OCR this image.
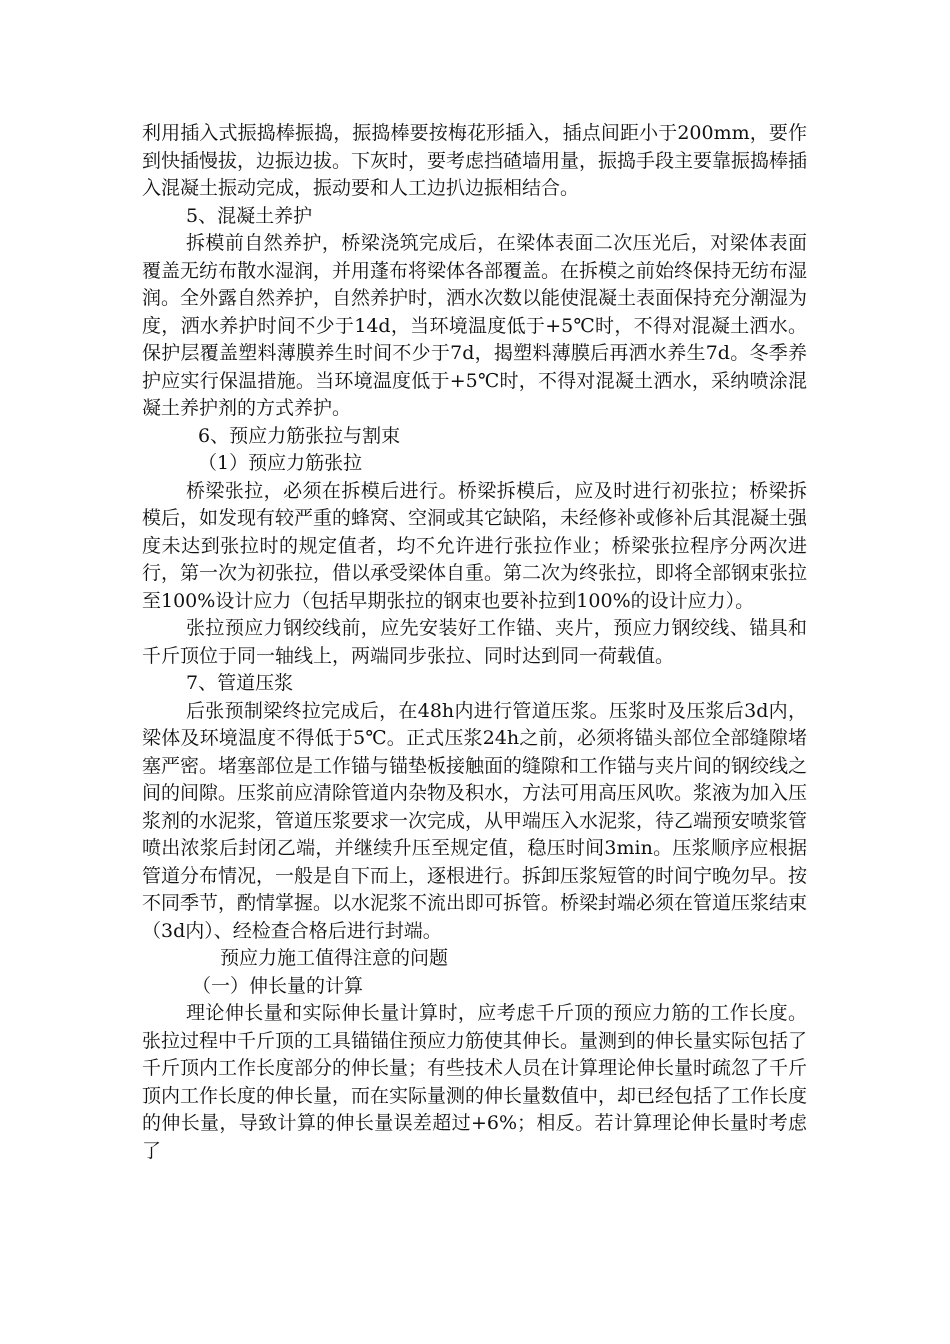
利用插入式振捣棒振捣，振捣棒要按梅花形插入，插点间距小于200mm，要作到快插慢拔，边振边拔。下灰时，要考虑挡碴墙用量，振捣手段主要靠振捣棒插入混凝土振动完成，振动要和人工边扒边振相结合。

5、混凝土养护

拆模前自然养护，桥梁浇筑完成后，在梁体表面二次压光后，对梁体表面覆盖无纺布散水湿润，并用蓬布将梁体各部覆盖。在拆模之前始终保持无纺布湿润。全外露自然养护，自然养护时，洒水次数以能使混凝土表面保持充分潮湿为度，洒水养护时间不少于14d，当环境温度低于+5℃时，不得对混凝土洒水。保护层覆盖塑料薄膜养生时间不少于7d，揭塑料薄膜后再洒水养生7d。冬季养护应实行保温措施。当环境温度低于+5℃时，不得对混凝土洒水，采纳喷涂混凝土养护剂的方式养护。

6、预应力筋张拉与割束

（1）预应力筋张拉

桥梁张拉，必须在拆模后进行。桥梁拆模后，应及时进行初张拉；桥梁拆模后，如发现有较严重的蜂窝、空洞或其它缺陷，未经修补或修补后其混凝土强度未达到张拉时的规定值者，均不允许进行张拉作业；桥梁张拉程序分两次进行，第一次为初张拉，借以承受梁体自重。第二次为终张拉，即将全部钢束张拉至100%设计应力（包括早期张拉的钢束也要补拉到100%的设计应力）。

张拉预应力钢绞线前，应先安装好工作锚、夹片，预应力钢绞线、锚具和千斤顶位于同一轴线上，两端同步张拉、同时达到同一荷载值。

7、管道压浆

后张预制梁终拉完成后，在48h内进行管道压浆。压浆时及压浆后3d内，梁体及环境温度不得低于5℃。正式压浆24h之前，必须将锚头部位全部缝隙堵塞严密。堵塞部位是工作锚与锚垫板接触面的缝隙和工作锚与夹片间的钢绞线之间的间隙。压浆前应清除管道内杂物及积水，方法可用高压风吹。浆液为加入压浆剂的水泥浆，管道压浆要求一次完成，从甲端压入水泥浆，待乙端预安喷浆管喷出浓浆后封闭乙端，并继续升压至规定值，稳压时间3min。压浆顺序应根据管道分布情况，一般是自下而上，逐根进行。拆卸压浆短管的时间宁晚勿早。按不同季节，酌情掌握。以水泥浆不流出即可拆管。桥梁封端必须在管道压浆结束（3d内）、经检查合格后进行封端。

预应力施工值得注意的问题

（一）伸长量的计算

理论伸长量和实际伸长量计算时，应考虑千斤顶的预应力筋的工作长度。张拉过程中千斤顶的工具锚锚住预应力筋使其伸长。量测到的伸长量实际包括了千斤顶内工作长度部分的伸长量；有些技术人员在计算理论伸长量时疏忽了千斤顶内工作长度的伸长量，而在实际量测的伸长量数值中，却已经包括了工作长度的伸长量，导致计算的伸长量误差超过+6%；相反。若计算理论伸长量时考虑了
